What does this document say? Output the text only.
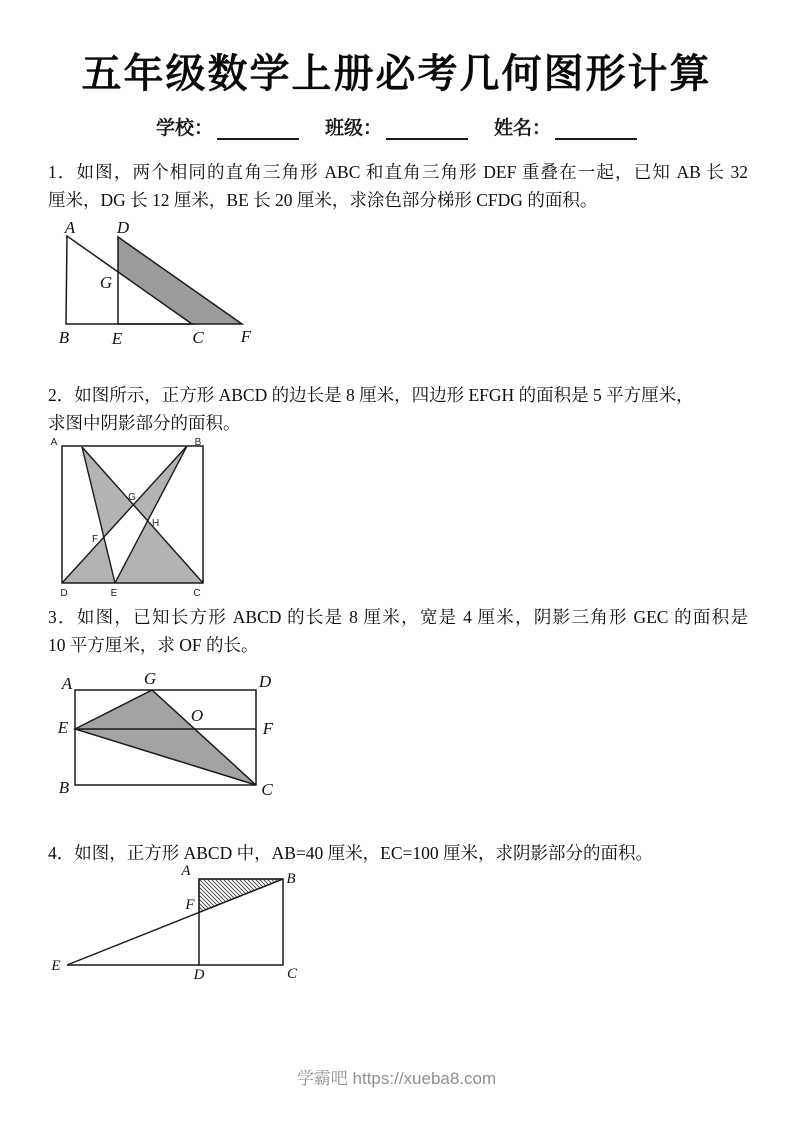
五年级数学上册必考几何图形计算
学校：	班级：	姓名：
1．如图，两个相同的直角三角形 ABC 和直角三角形 DEF 重叠在一起，已知 AB 长 32
厘米，DG 长 12 厘米，BE 长 20 厘米，求涂色部分梯形 CFDG 的面积。
A D
G
B	E	C F
2．如图所示，正方形 ABCD 的边长是 8 厘米，四边形 EFGH 的面积是 5 平方厘米，
求图中阴影部分的面积。
A	B
D	E	C
G
H
F
3．如图，已知长方形 ABCD 的长是 8 厘米，宽是 4 厘米，阴影三角形 GEC 的面积是
10 平方厘米，求 OF 的长。
A	G	D
E
O
F
B	C
4．如图，正方形 ABCD 中，AB=40 厘米，EC=100 厘米，求阴影部分的面积。
A	B
F
E
D	C
学霸吧 https://xueba8.com
